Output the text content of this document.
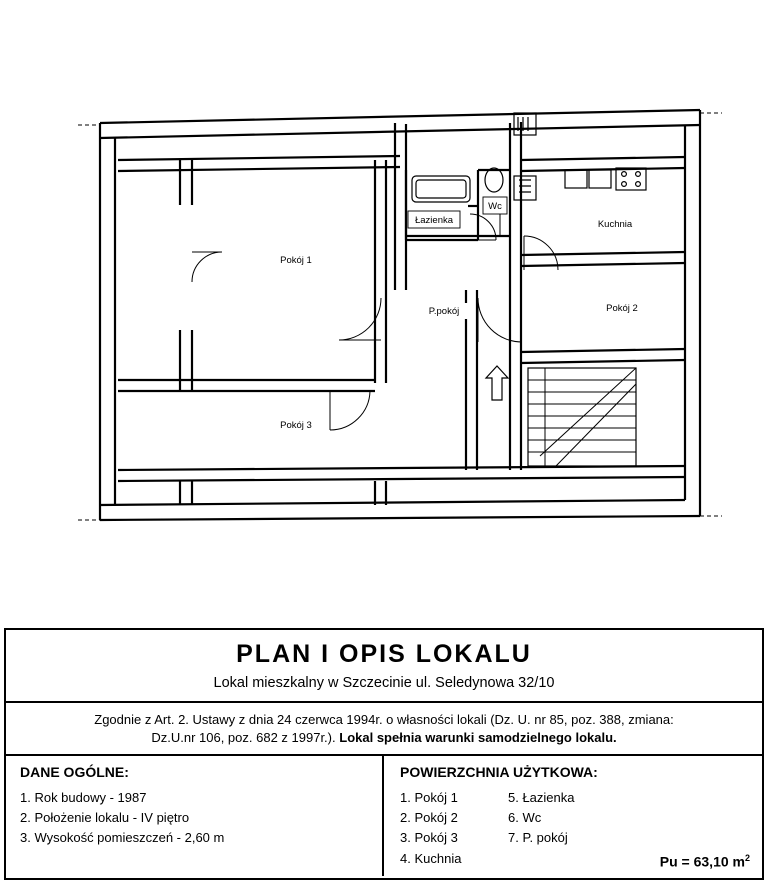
Pokój 1
Pokój 2
Pokój 3
Kuchnia
Łazienka
Wc
P.pokój
PLAN I OPIS LOKALU
Lokal mieszkalny w Szczecinie ul. Seledynowa 32/10
Zgodnie z Art. 2. Ustawy z dnia 24 czerwca 1994r. o własności lokali (Dz. U. nr 85, poz. 388, zmiana:
Dz.U.nr 106, poz. 682 z 1997r.). Lokal spełnia warunki samodzielnego lokalu.
DANE OGÓLNE:
1. Rok budowy - 1987
2. Położenie lokalu - IV piętro
3. Wysokość pomieszczeń - 2,60 m
POWIERZCHNIA UŻYTKOWA:
1. Pokój 1
2. Pokój 2
3. Pokój 3
4. Kuchnia
5. Łazienka
6. Wc
7. P. pokój
Pu = 63,10 $m^2$
